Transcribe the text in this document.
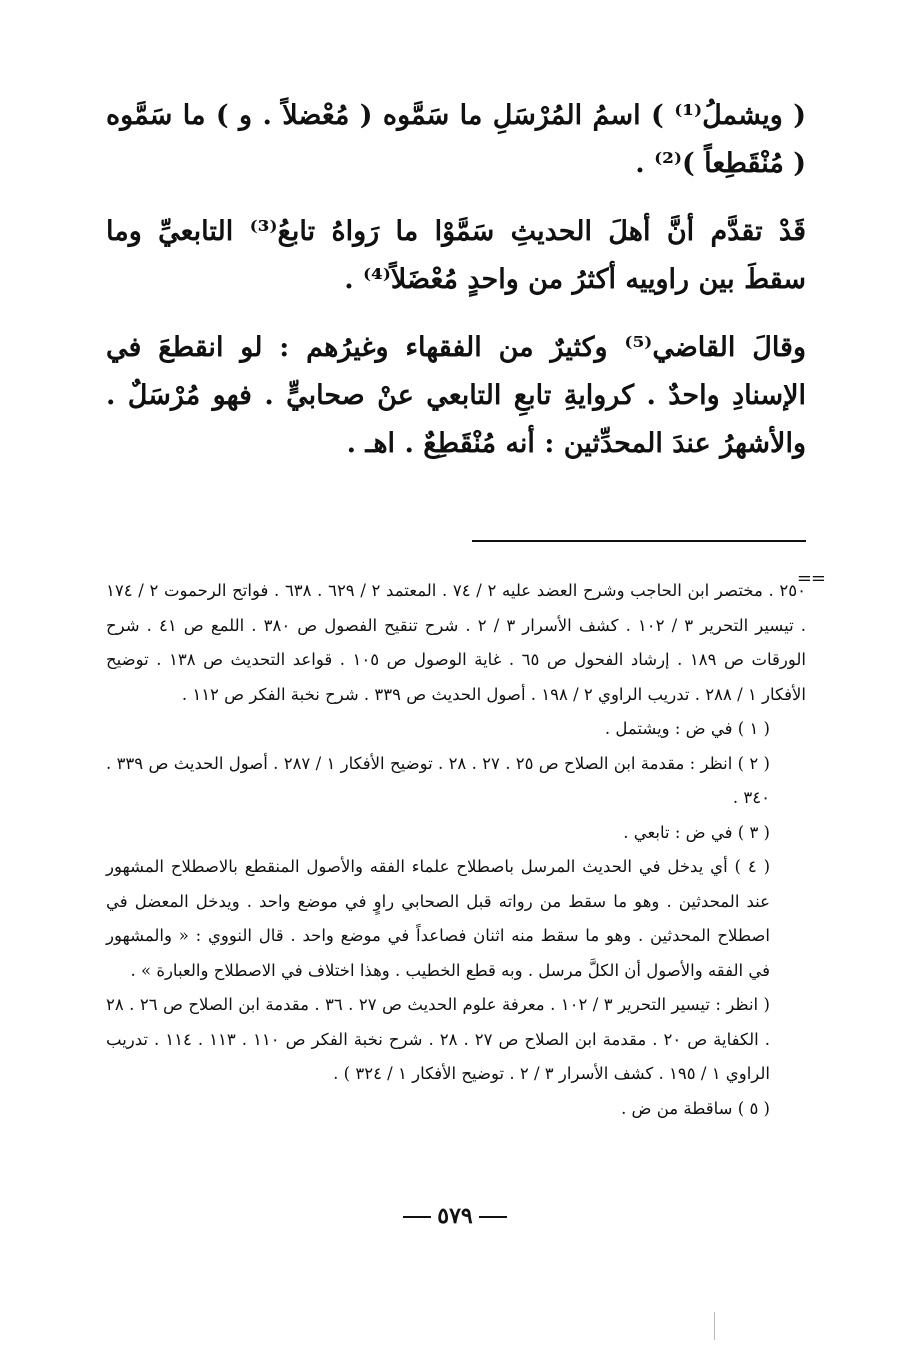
( ويشملُ⁽¹⁾ ) اسمُ المُرْسَلِ ما سَمَّوه ( مُعْضلاً . و ) ما سَمَّوه ( مُنْقَطِعاً )⁽²⁾ .

قَدْ تقدَّم أنَّ أهلَ الحديثِ سَمَّوْا ما رَواهُ تابعُ⁽³⁾ التابعيِّ وما سقطَ بين راوييه أكثرُ من واحدٍ مُعْضَلاً⁽⁴⁾ .

وقالَ القاضي⁽⁵⁾ وكثيرٌ من الفقهاء وغيرُهم : لو انقطعَ في الإسنادِ واحدٌ . كروايةِ تابعِ التابعي عنْ صحابيٍّ . فهو مُرْسَلٌ . والأشهرُ عندَ المحدِّثين : أنه مُنْقَطِعٌ . اهـ .

==

٢٥٠ . مختصر ابن الحاجب وشرح العضد عليه ٢ / ٧٤ . المعتمد ٢ / ٦٢٩ . ٦٣٨ . فواتح الرحموت ٢ / ١٧٤ . تيسير التحرير ٣ / ١٠٢ . كشف الأسرار ٣ / ٢ . شرح تنقيح الفصول ص ٣٨٠ . اللمع ص ٤١ . شرح الورقات ص ١٨٩ . إرشاد الفحول ص ٦٥ . غاية الوصول ص ١٠٥ . قواعد التحديث ص ١٣٨ . توضيح الأفكار ١ / ٢٨٨ . تدريب الراوي ٢ / ١٩٨ . أصول الحديث ص ٣٣٩ . شرح نخبة الفكر ص ١١٢ .

( ١ ) في ض : ويشتمل .

( ٢ ) انظر : مقدمة ابن الصلاح ص ٢٥ . ٢٧ . ٢٨ . توضيح الأفكار ١ / ٢٨٧ . أصول الحديث ص ٣٣٩ . ٣٤٠ .

( ٣ ) في ض : تابعي .

( ٤ ) أي يدخل في الحديث المرسل باصطلاح علماء الفقه والأصول المنقطع بالاصطلاح المشهور عند المحدثين . وهو ما سقط من رواته قبل الصحابي راوٍ في موضع واحد . ويدخل المعضل في اصطلاح المحدثين . وهو ما سقط منه اثنان فصاعداً في موضع واحد . قال النووي : « والمشهور في الفقه والأصول أن الكلَّ مرسل . وبه قطع الخطيب . وهذا اختلاف في الاصطلاح والعبارة » .

( انظر : تيسير التحرير ٣ / ١٠٢ . معرفة علوم الحديث ص ٢٧ . ٣٦ . مقدمة ابن الصلاح ص ٢٦ . ٢٨ . الكفاية ص ٢٠ . مقدمة ابن الصلاح ص ٢٧ . ٢٨ . شرح نخبة الفكر ص ١١٠ . ١١٣ . ١١٤ . تدريب الراوي ١ / ١٩٥ . كشف الأسرار ٣ / ٢ . توضيح الأفكار ١ / ٣٢٤ ) .

( ٥ ) ساقطة من ض .

٥٧٩
